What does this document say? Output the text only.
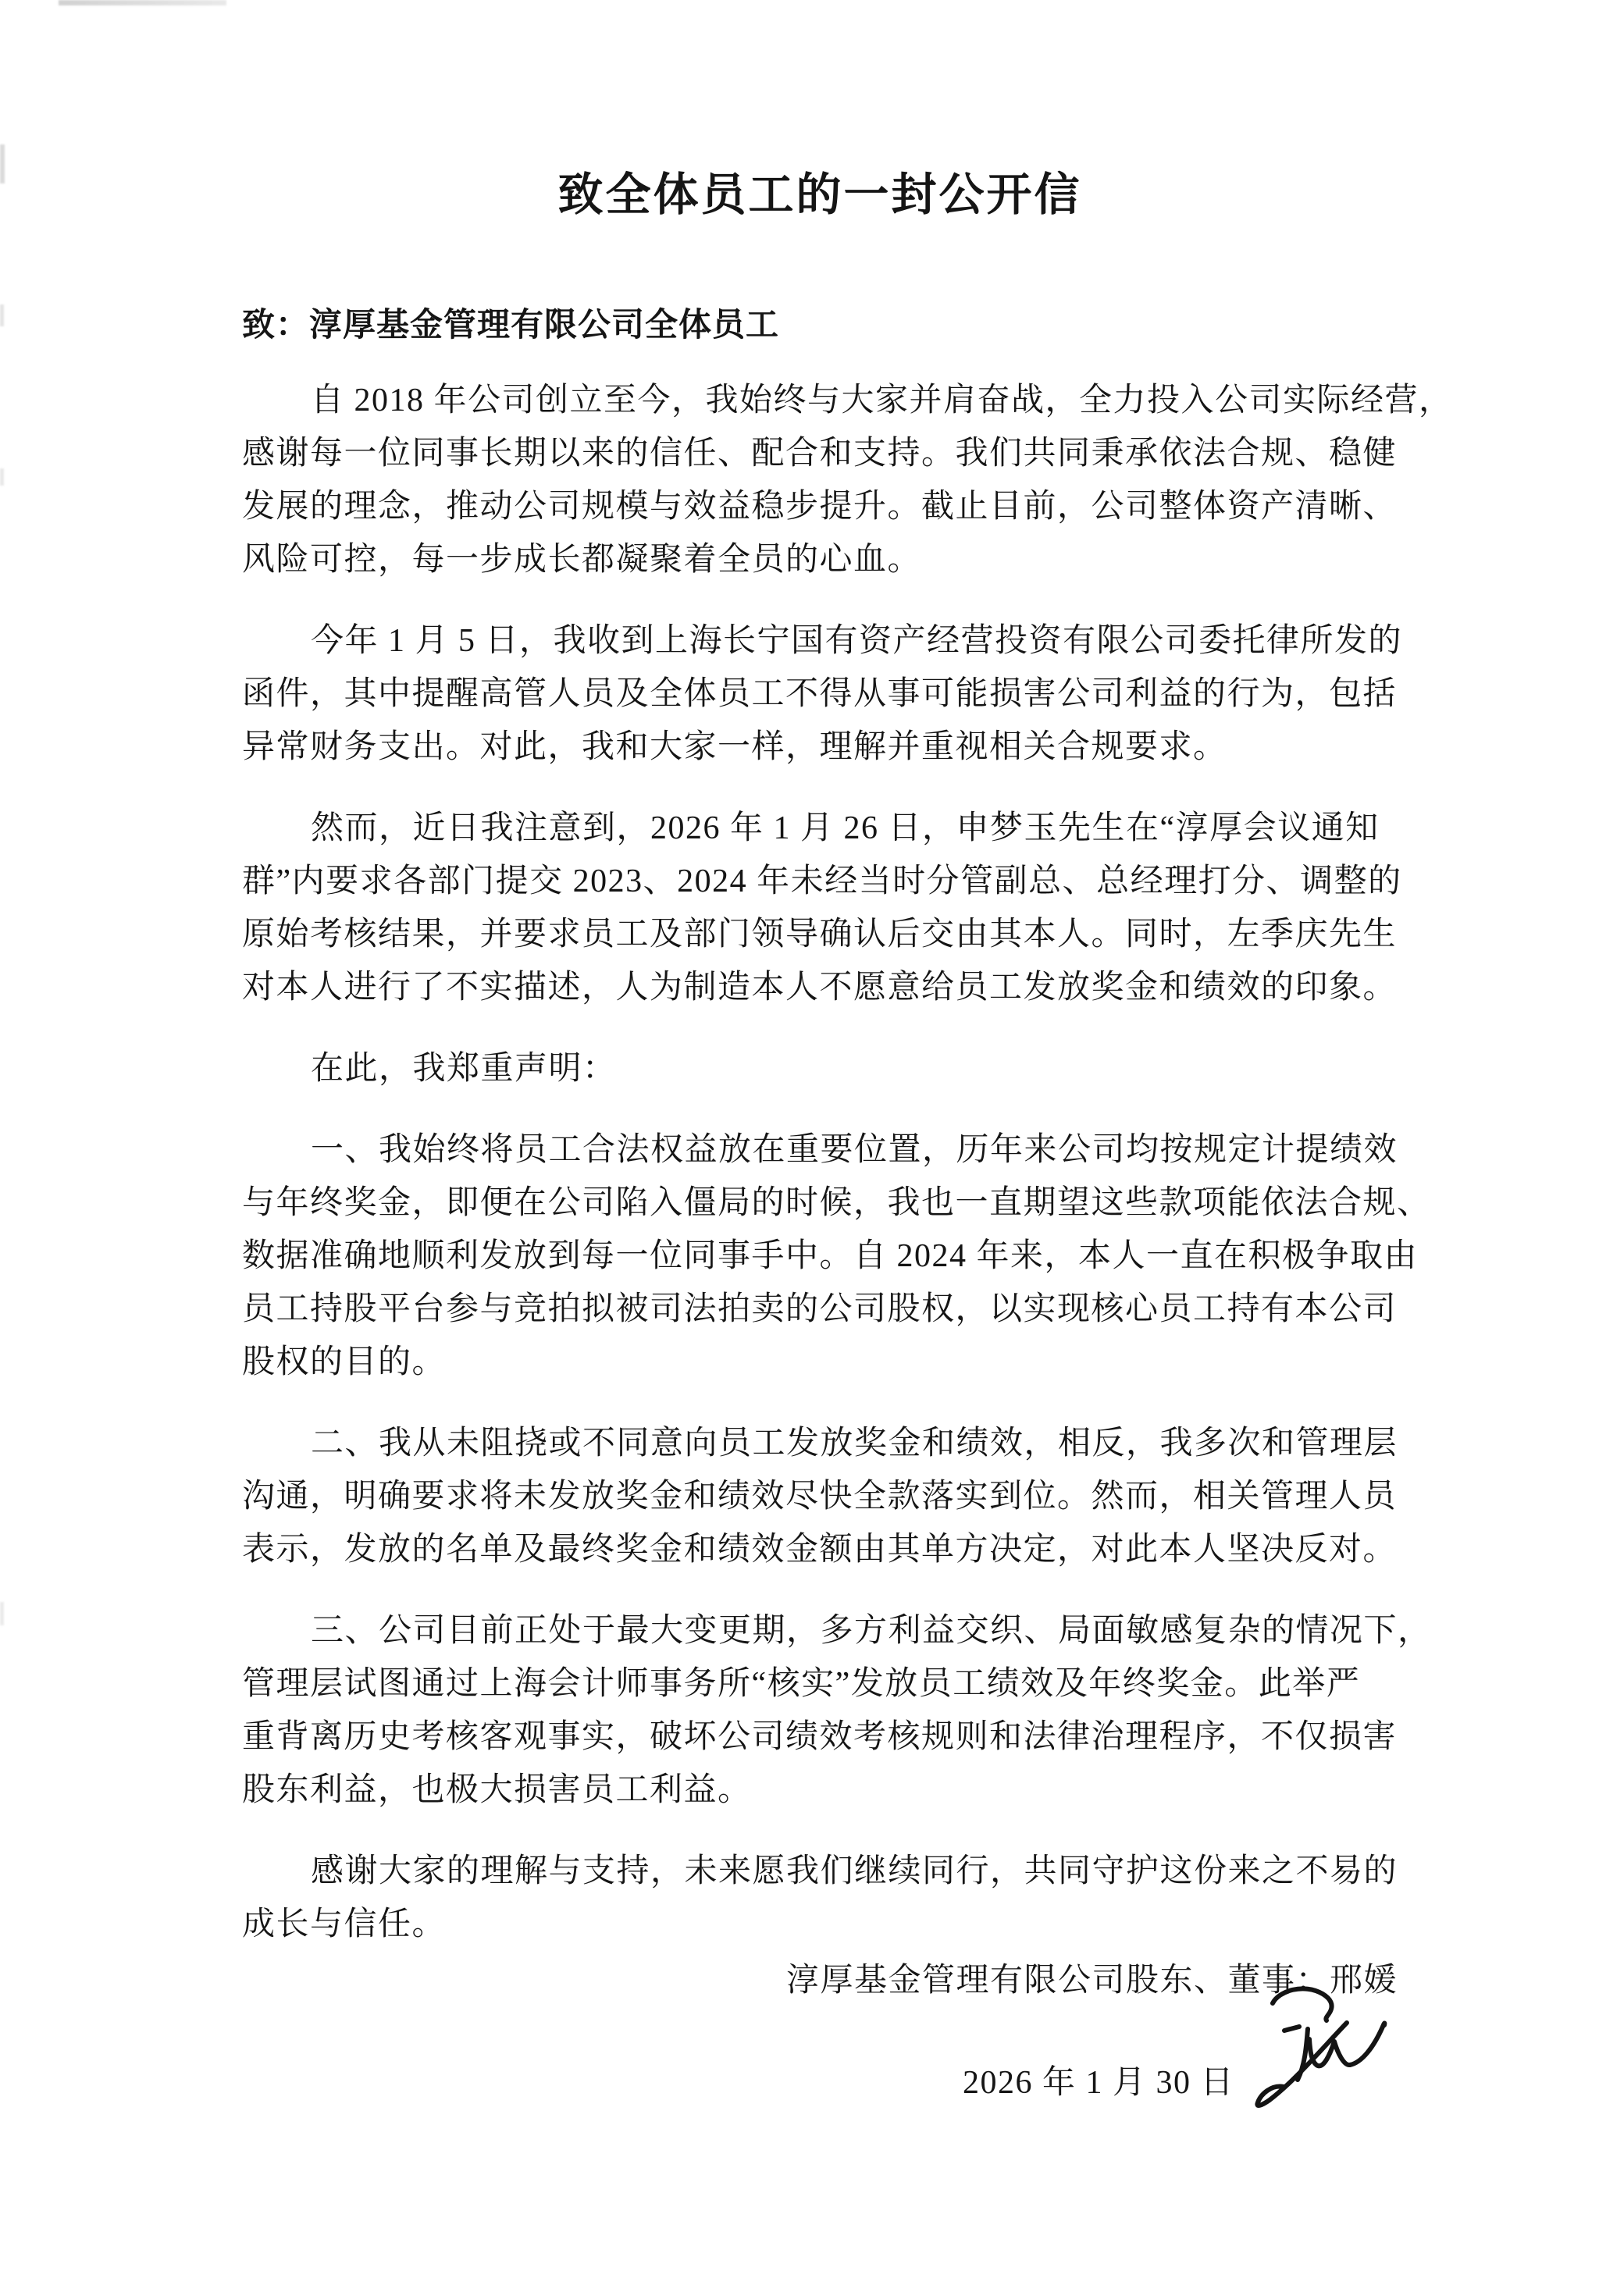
致全体员工的一封公开信
致：淳厚基金管理有限公司全体员工
自 2018 年公司创立至今，我始终与大家并肩奋战，全力投入公司实际经营，
感谢每一位同事长期以来的信任、配合和支持。我们共同秉承依法合规、稳健
发展的理念，推动公司规模与效益稳步提升。截止目前，公司整体资产清晰、
风险可控，每一步成长都凝聚着全员的心血。
今年 1 月 5 日，我收到上海长宁国有资产经营投资有限公司委托律所发的
函件，其中提醒高管人员及全体员工不得从事可能损害公司利益的行为，包括
异常财务支出。对此，我和大家一样，理解并重视相关合规要求。
然而，近日我注意到，2026 年 1 月 26 日，申梦玉先生在“淳厚会议通知
群”内要求各部门提交 2023、2024 年未经当时分管副总、总经理打分、调整的
原始考核结果，并要求员工及部门领导确认后交由其本人。同时，左季庆先生
对本人进行了不实描述，人为制造本人不愿意给员工发放奖金和绩效的印象。
在此，我郑重声明：
一、我始终将员工合法权益放在重要位置，历年来公司均按规定计提绩效
与年终奖金，即便在公司陷入僵局的时候，我也一直期望这些款项能依法合规、
数据准确地顺利发放到每一位同事手中。自 2024 年来，本人一直在积极争取由
员工持股平台参与竞拍拟被司法拍卖的公司股权，以实现核心员工持有本公司
股权的目的。
二、我从未阻挠或不同意向员工发放奖金和绩效，相反，我多次和管理层
沟通，明确要求将未发放奖金和绩效尽快全款落实到位。然而，相关管理人员
表示，发放的名单及最终奖金和绩效金额由其单方决定，对此本人坚决反对。
三、公司目前正处于最大变更期，多方利益交织、局面敏感复杂的情况下，
管理层试图通过上海会计师事务所“核实”发放员工绩效及年终奖金。此举严
重背离历史考核客观事实，破坏公司绩效考核规则和法律治理程序，不仅损害
股东利益，也极大损害员工利益。
感谢大家的理解与支持，未来愿我们继续同行，共同守护这份来之不易的
成长与信任。
淳厚基金管理有限公司股东、董事：邢媛
2026 年 1 月 30 日
